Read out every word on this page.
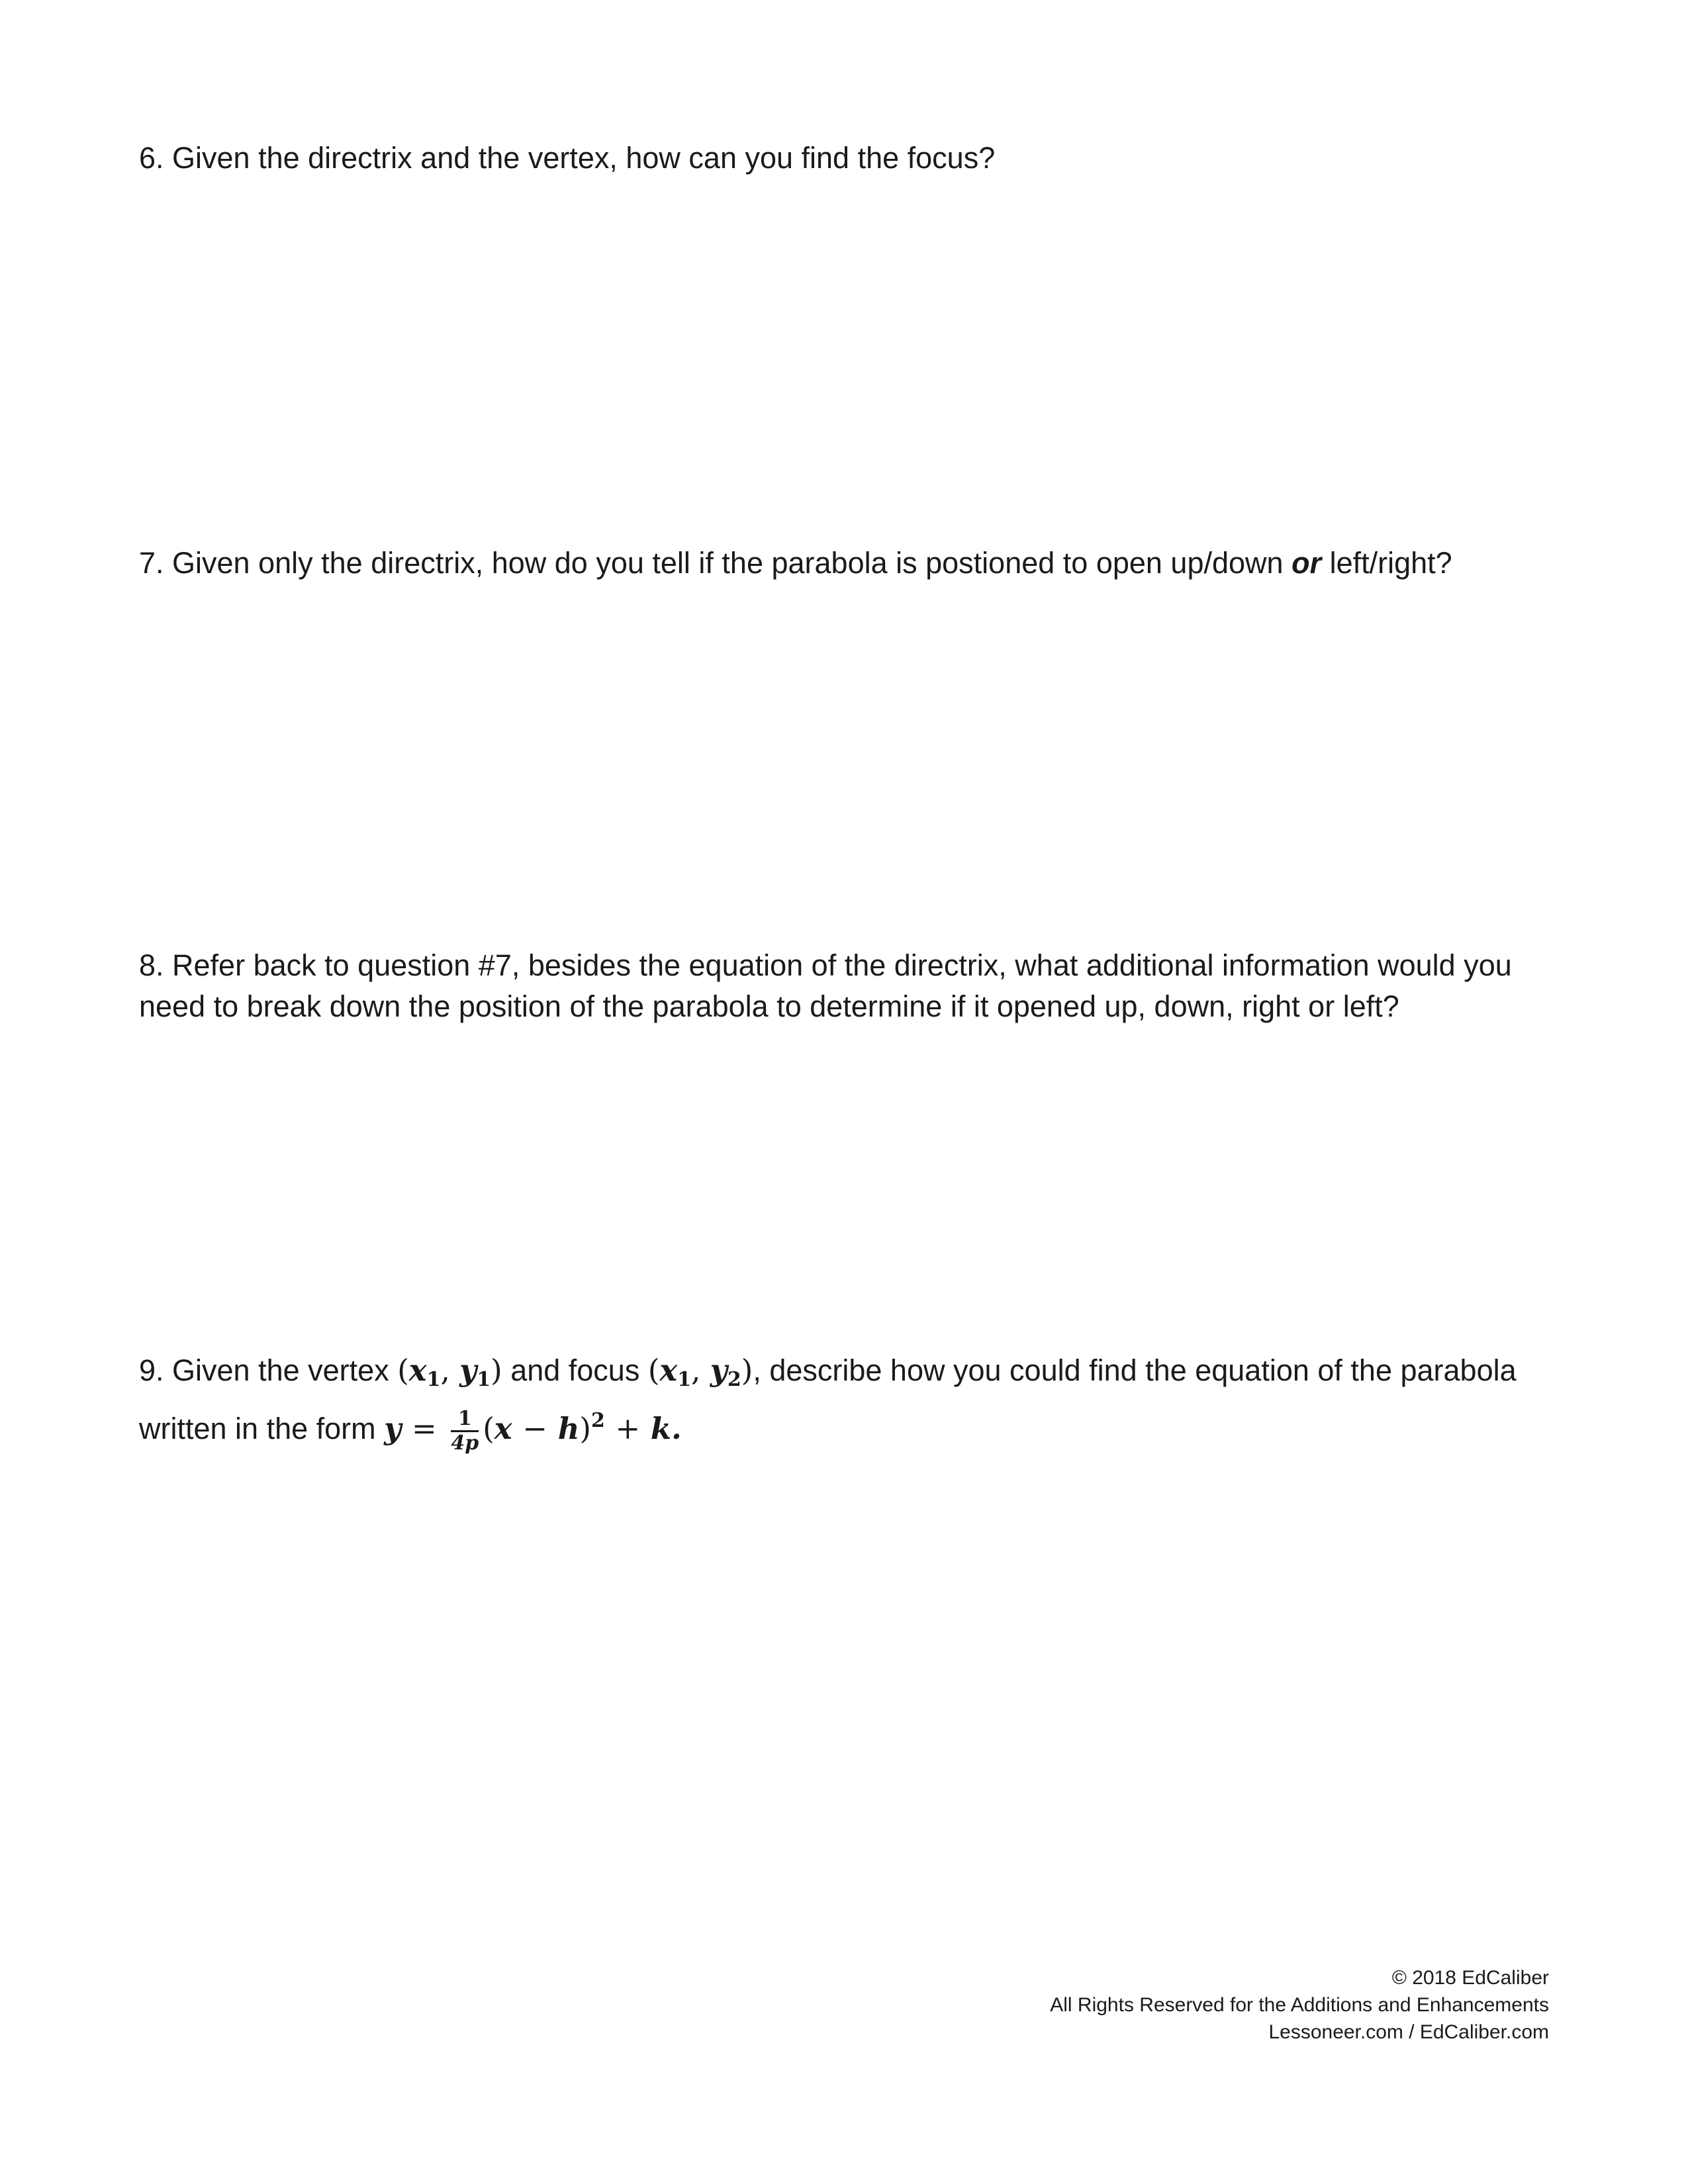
6. Given the directrix and the vertex, how can you find the focus?

7. Given only the directrix, how do you tell if the parabola is postioned to open up/down or left/right?

8. Refer back to question #7, besides the equation of the directrix, what additional information would you need to break down the position of the parabola to determine if it opened up, down, right or left?

9. Given the vertex ($x_1$, $y_1$) and focus ($x_1$, $y_2$), describe how you could find the equation of the parabola written in the form $y = \frac{1}{4p} (x - h)^2 + k$.

© 2018 EdCaliber
All Rights Reserved for the Additions and Enhancements
Lessoneer.com / EdCaliber.com
